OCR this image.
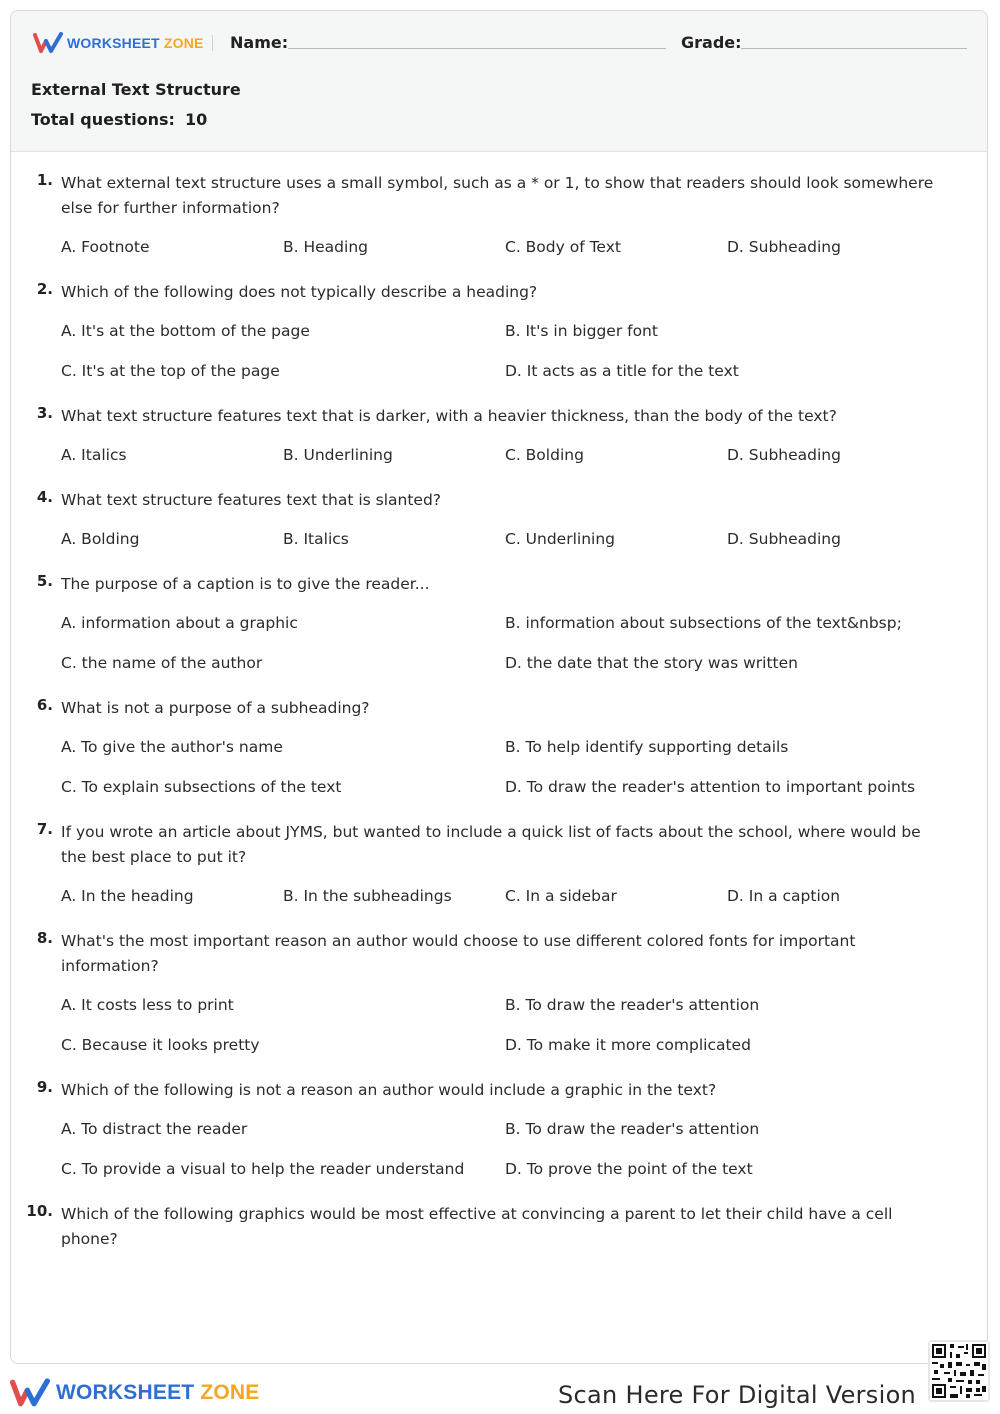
WORKSHEET ZONE Name:	Grade:
External Text Structure
Total questions: 10
1. What external text structure uses a small symbol, such as a * or 1, to show that readers should look somewhere else for further information?
A. Footnote	B. Heading	C. Body of Text	D. Subheading
2. Which of the following does not typically describe a heading?
A. It's at the bottom of the page	B. It's in bigger font
C. It's at the top of the page	D. It acts as a title for the text
3. What text structure features text that is darker, with a heavier thickness, than the body of the text?
A. Italics	B. Underlining	C. Bolding	D. Subheading
4. What text structure features text that is slanted?
A. Bolding	B. Italics	C. Underlining	D. Subheading
5. The purpose of a caption is to give the reader...
A. information about a graphic	B. information about subsections of the text&nbsp;
C. the name of the author	D. the date that the story was written
6. What is not a purpose of a subheading?
A. To give the author's name	B. To help identify supporting details
C. To explain subsections of the text	D. To draw the reader's attention to important points
7. If you wrote an article about JYMS, but wanted to include a quick list of facts about the school, where would be the best place to put it?
A. In the heading	B. In the subheadings	C. In a sidebar	D. In a caption
8. What's the most important reason an author would choose to use different colored fonts for important information?
A. It costs less to print	B. To draw the reader's attention
C. Because it looks pretty	D. To make it more complicated
9. Which of the following is not a reason an author would include a graphic in the text?
A. To distract the reader	B. To draw the reader's attention
C. To provide a visual to help the reader understand	D. To prove the point of the text
10. Which of the following graphics would be most effective at convincing a parent to let their child have a cell phone?
WORKSHEET ZONE	Scan Here For Digital Version
